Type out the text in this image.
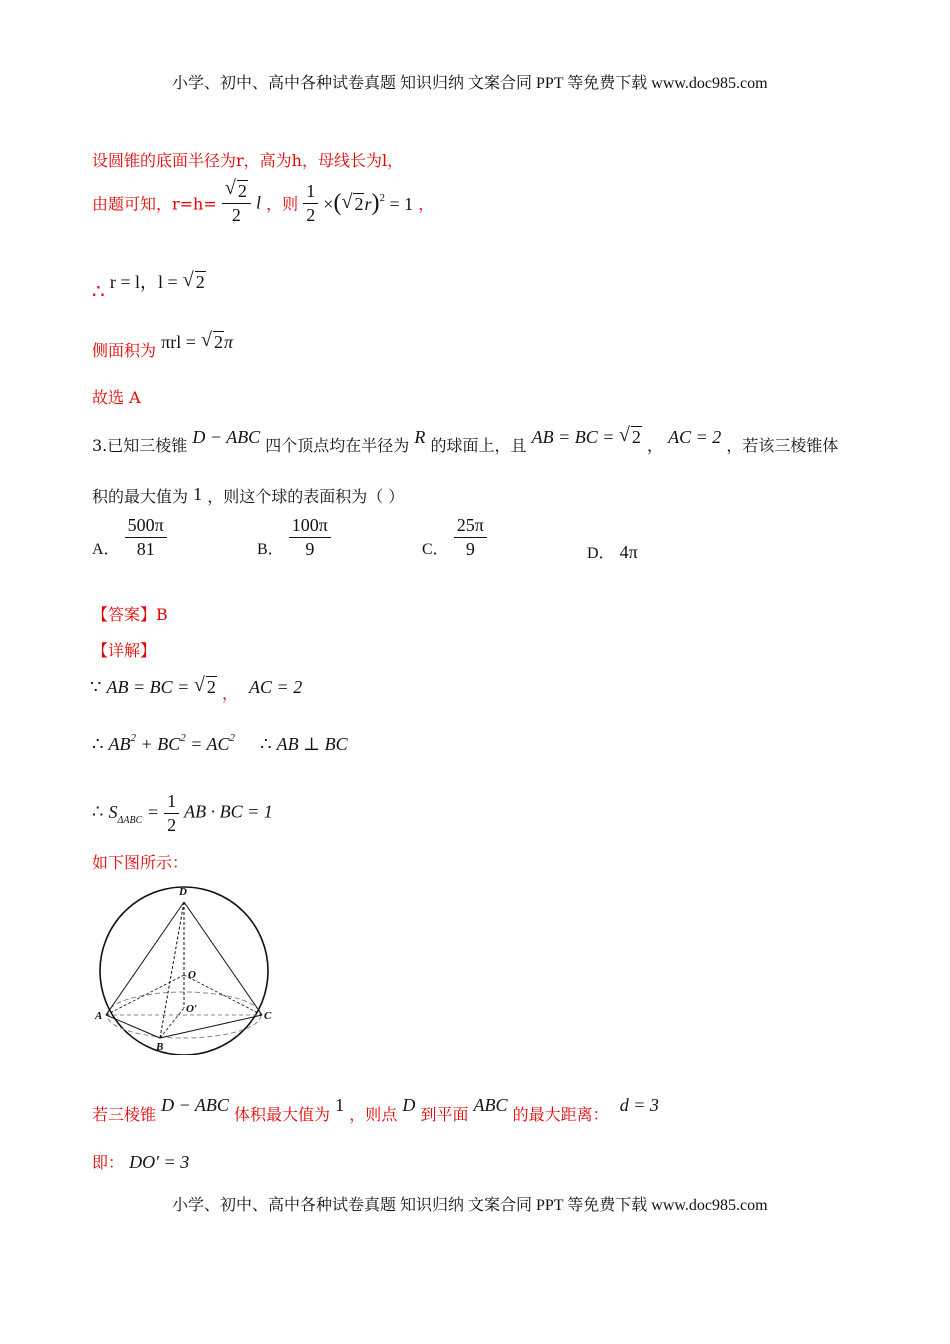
小学、初中、高中各种试卷真题 知识归纳 文案合同 PPT 等免费下载 www.doc985.com
设圆锥的底面半径为r，高为h，母线长为l，
由题可知，$r=h= \frac{√ 2}{2}$ l ，则 $\frac{1}{2}$ ×( √ 2r)$^2$ = 1 ，
∴ r = l，l = √ 2
侧面积为 πrl = √ 2π
故选 A
3.已知三棱锥 D − ABC 四个顶点均在半径为 R 的球面上，且 AB = BC = √ 2 ， AC = 2 ，若该三棱锥体
积的最大值为 1 ，则这个球的表面积为（ ）
A． $\frac{500\pi}{81}$	B． $\frac{100\pi}{9}$	C． $\frac{25\pi}{9}$	D． 4π
【答案】B
【详解】
∵ AB = BC = √ 2 ， AC = 2
∴ $AB^2 + BC^2 = AC^2$ ∴ AB ⊥ BC
∴ $S_{\Delta ABC} = \frac{1}{2}$ AB · BC = 1
如下图所示：
D
O
O′
A
B
C
若三棱锥 D − ABC 体积最大值为 1 ，则点 D 到平面 ABC 的最大距离： d = 3
即： DO′ = 3
小学、初中、高中各种试卷真题 知识归纳 文案合同 PPT 等免费下载 www.doc985.com
